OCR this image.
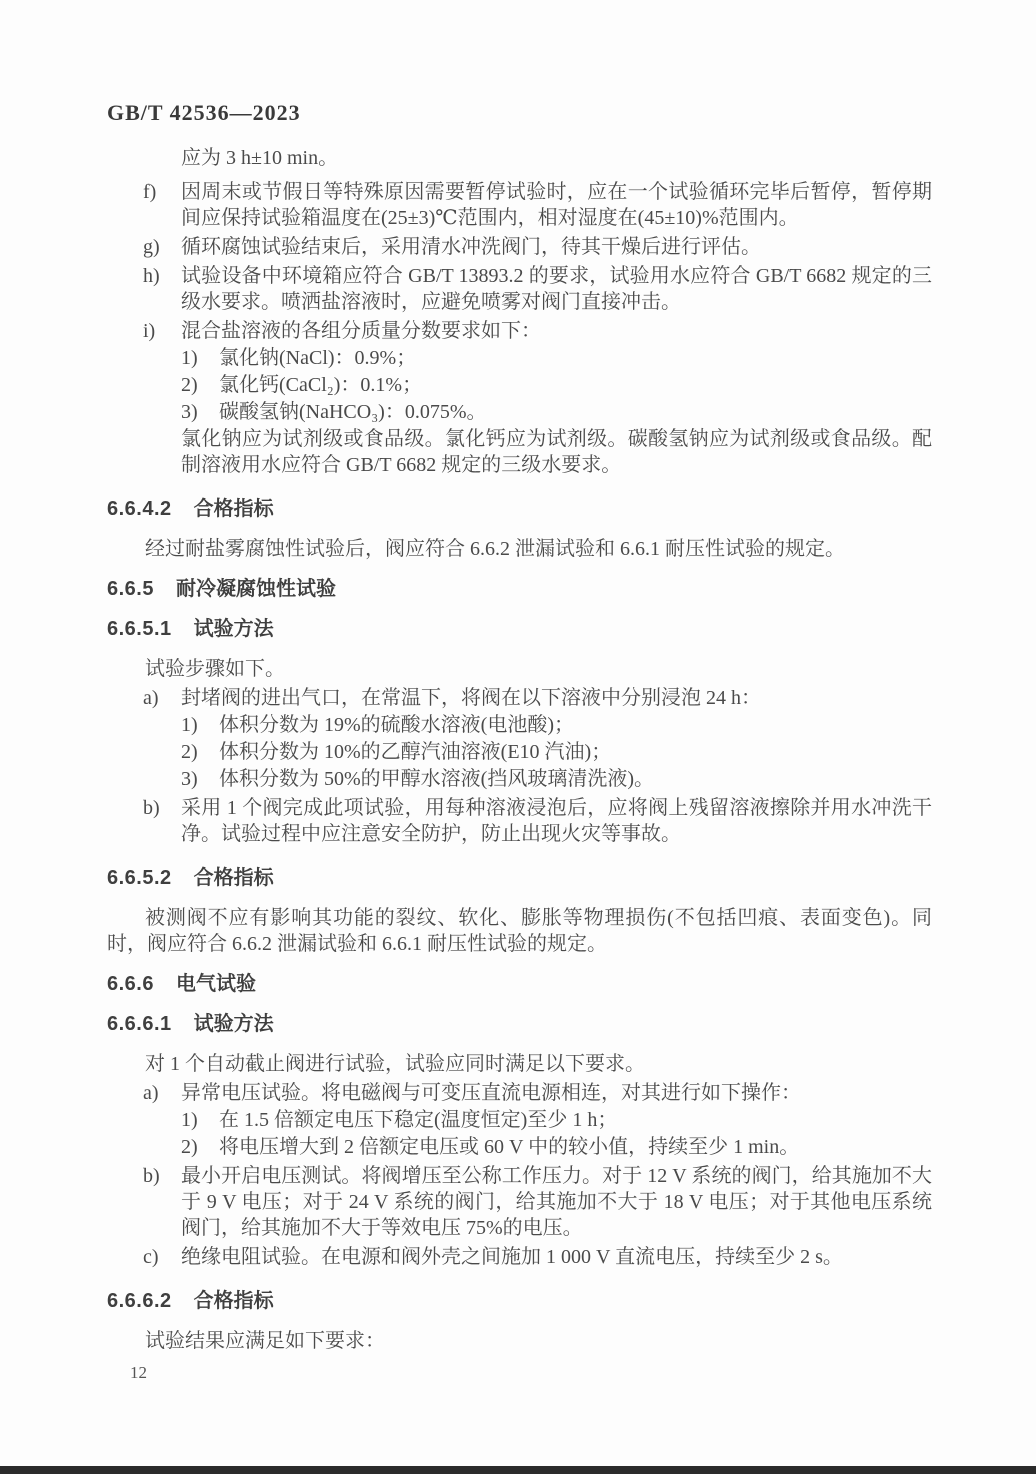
GB/T 42536—2023

应为 3 h±10 min。

f) 因周末或节假日等特殊原因需要暂停试验时，应在一个试验循环完毕后暂停，暂停期间应保持试验箱温度在(25±3)℃范围内，相对湿度在(45±10)%范围内。
g) 循环腐蚀试验结束后，采用清水冲洗阀门，待其干燥后进行评估。
h) 试验设备中环境箱应符合 GB/T 13893.2 的要求，试验用水应符合 GB/T 6682 规定的三级水要求。喷洒盐溶液时，应避免喷雾对阀门直接冲击。
i) 混合盐溶液的各组分质量分数要求如下：
1) 氯化钠(NaCl)：0.9%；
2) 氯化钙(CaCl₂)：0.1%；
3) 碳酸氢钠(NaHCO₃)：0.075%。
氯化钠应为试剂级或食品级。氯化钙应为试剂级。碳酸氢钠应为试剂级或食品级。配制溶液用水应符合 GB/T 6682 规定的三级水要求。
6.6.4.2 合格指标

经过耐盐雾腐蚀性试验后，阀应符合 6.6.2 泄漏试验和 6.6.1 耐压性试验的规定。

6.6.5 耐冷凝腐蚀性试验
6.6.5.1 试验方法

试验步骤如下。

a) 封堵阀的进出气口，在常温下，将阀在以下溶液中分别浸泡 24 h：
1) 体积分数为 19%的硫酸水溶液(电池酸)；
2) 体积分数为 10%的乙醇汽油溶液(E10 汽油)；
3) 体积分数为 50%的甲醇水溶液(挡风玻璃清洗液)。
b) 采用 1 个阀完成此项试验，用每种溶液浸泡后，应将阀上残留溶液擦除并用水冲洗干净。试验过程中应注意安全防护，防止出现火灾等事故。
6.6.5.2 合格指标

被测阀不应有影响其功能的裂纹、软化、膨胀等物理损伤(不包括凹痕、表面变色)。同时，阀应符合 6.6.2 泄漏试验和 6.6.1 耐压性试验的规定。

6.6.6 电气试验
6.6.6.1 试验方法

对 1 个自动截止阀进行试验，试验应同时满足以下要求。

a) 异常电压试验。将电磁阀与可变压直流电源相连，对其进行如下操作：
1) 在 1.5 倍额定电压下稳定(温度恒定)至少 1 h；
2) 将电压增大到 2 倍额定电压或 60 V 中的较小值，持续至少 1 min。
b) 最小开启电压测试。将阀增压至公称工作压力。对于 12 V 系统的阀门，给其施加不大于 9 V 电压；对于 24 V 系统的阀门，给其施加不大于 18 V 电压；对于其他电压系统阀门，给其施加不大于等效电压 75%的电压。
c) 绝缘电阻试验。在电源和阀外壳之间施加 1 000 V 直流电压，持续至少 2 s。
6.6.6.2 合格指标

试验结果应满足如下要求：

12
